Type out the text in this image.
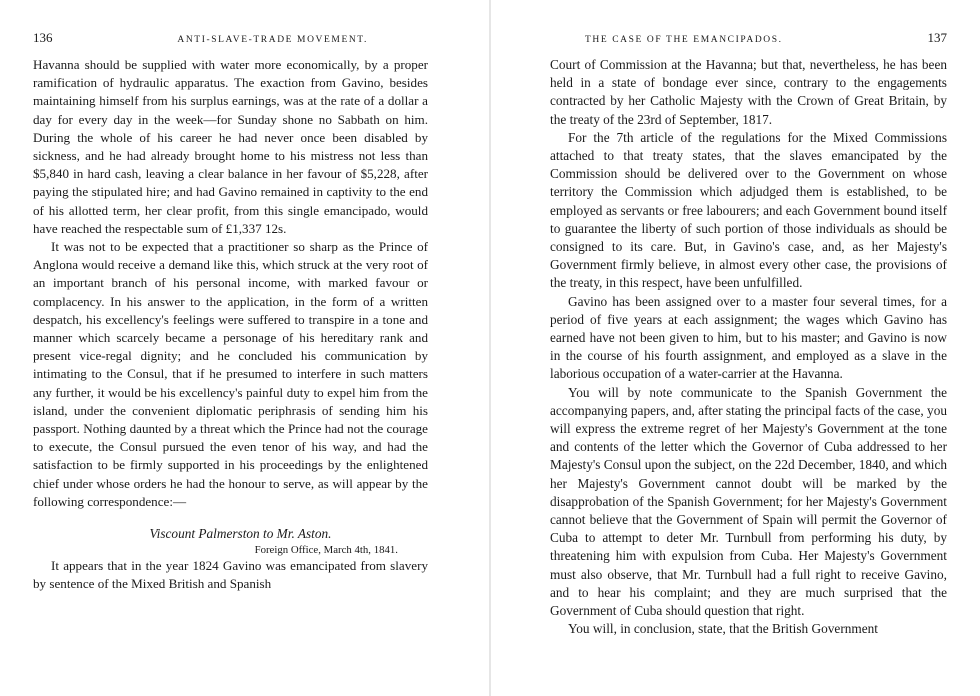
136	ANTI-SLAVE-TRADE MOVEMENT.

Havanna should be supplied with water more economically, by a proper ramification of hydraulic apparatus. The exaction from Gavino, besides maintaining himself from his surplus earnings, was at the rate of a dollar a day for every day in the week—for Sunday shone no Sabbath on him. During the whole of his career he had never once been disabled by sickness, and he had already brought home to his mistress not less than $5,840 in hard cash, leaving a clear balance in her favour of $5,228, after paying the stipulated hire; and had Gavino remained in captivity to the end of his allotted term, her clear profit, from this single emancipado, would have reached the respectable sum of £1,337 12s.

It was not to be expected that a practitioner so sharp as the Prince of Anglona would receive a demand like this, which struck at the very root of an important branch of his personal income, with marked favour or complacency. In his answer to the application, in the form of a written despatch, his excellency's feelings were suffered to transpire in a tone and manner which scarcely became a personage of his hereditary rank and present vice-regal dignity; and he concluded his communication by intimating to the Consul, that if he presumed to interfere in such matters any further, it would be his excellency's painful duty to expel him from the island, under the convenient diplomatic periphrasis of sending him his passport. Nothing daunted by a threat which the Prince had not the courage to execute, the Consul pursued the even tenor of his way, and had the satisfaction to be firmly supported in his proceedings by the enlightened chief under whose orders he had the honour to serve, as will appear by the following correspondence:—

Viscount Palmerston to Mr. Aston.
Foreign Office, March 4th, 1841.

It appears that in the year 1824 Gavino was emancipated from slavery by sentence of the Mixed British and Spanish

THE CASE OF THE EMANCIPADOS.	137

Court of Commission at the Havanna; but that, nevertheless, he has been held in a state of bondage ever since, contrary to the engagements contracted by her Catholic Majesty with the Crown of Great Britain, by the treaty of the 23rd of September, 1817.

For the 7th article of the regulations for the Mixed Commissions attached to that treaty states, that the slaves emancipated by the Commission should be delivered over to the Government on whose territory the Commission which adjudged them is established, to be employed as servants or free labourers; and each Government bound itself to guarantee the liberty of such portion of those individuals as should be consigned to its care. But, in Gavino's case, and, as her Majesty's Government firmly believe, in almost every other case, the provisions of the treaty, in this respect, have been unfulfilled.

Gavino has been assigned over to a master four several times, for a period of five years at each assignment; the wages which Gavino has earned have not been given to him, but to his master; and Gavino is now in the course of his fourth assignment, and employed as a slave in the laborious occupation of a water-carrier at the Havanna.

You will by note communicate to the Spanish Government the accompanying papers, and, after stating the principal facts of the case, you will express the extreme regret of her Majesty's Government at the tone and contents of the letter which the Governor of Cuba addressed to her Majesty's Consul upon the subject, on the 22d December, 1840, and which her Majesty's Government cannot doubt will be marked by the disapprobation of the Spanish Government; for her Majesty's Government cannot believe that the Government of Spain will permit the Governor of Cuba to attempt to deter Mr. Turnbull from performing his duty, by threatening him with expulsion from Cuba. Her Majesty's Government must also observe, that Mr. Turnbull had a full right to receive Gavino, and to hear his complaint; and they are much surprised that the Government of Cuba should question that right.

You will, in conclusion, state, that the British Government
